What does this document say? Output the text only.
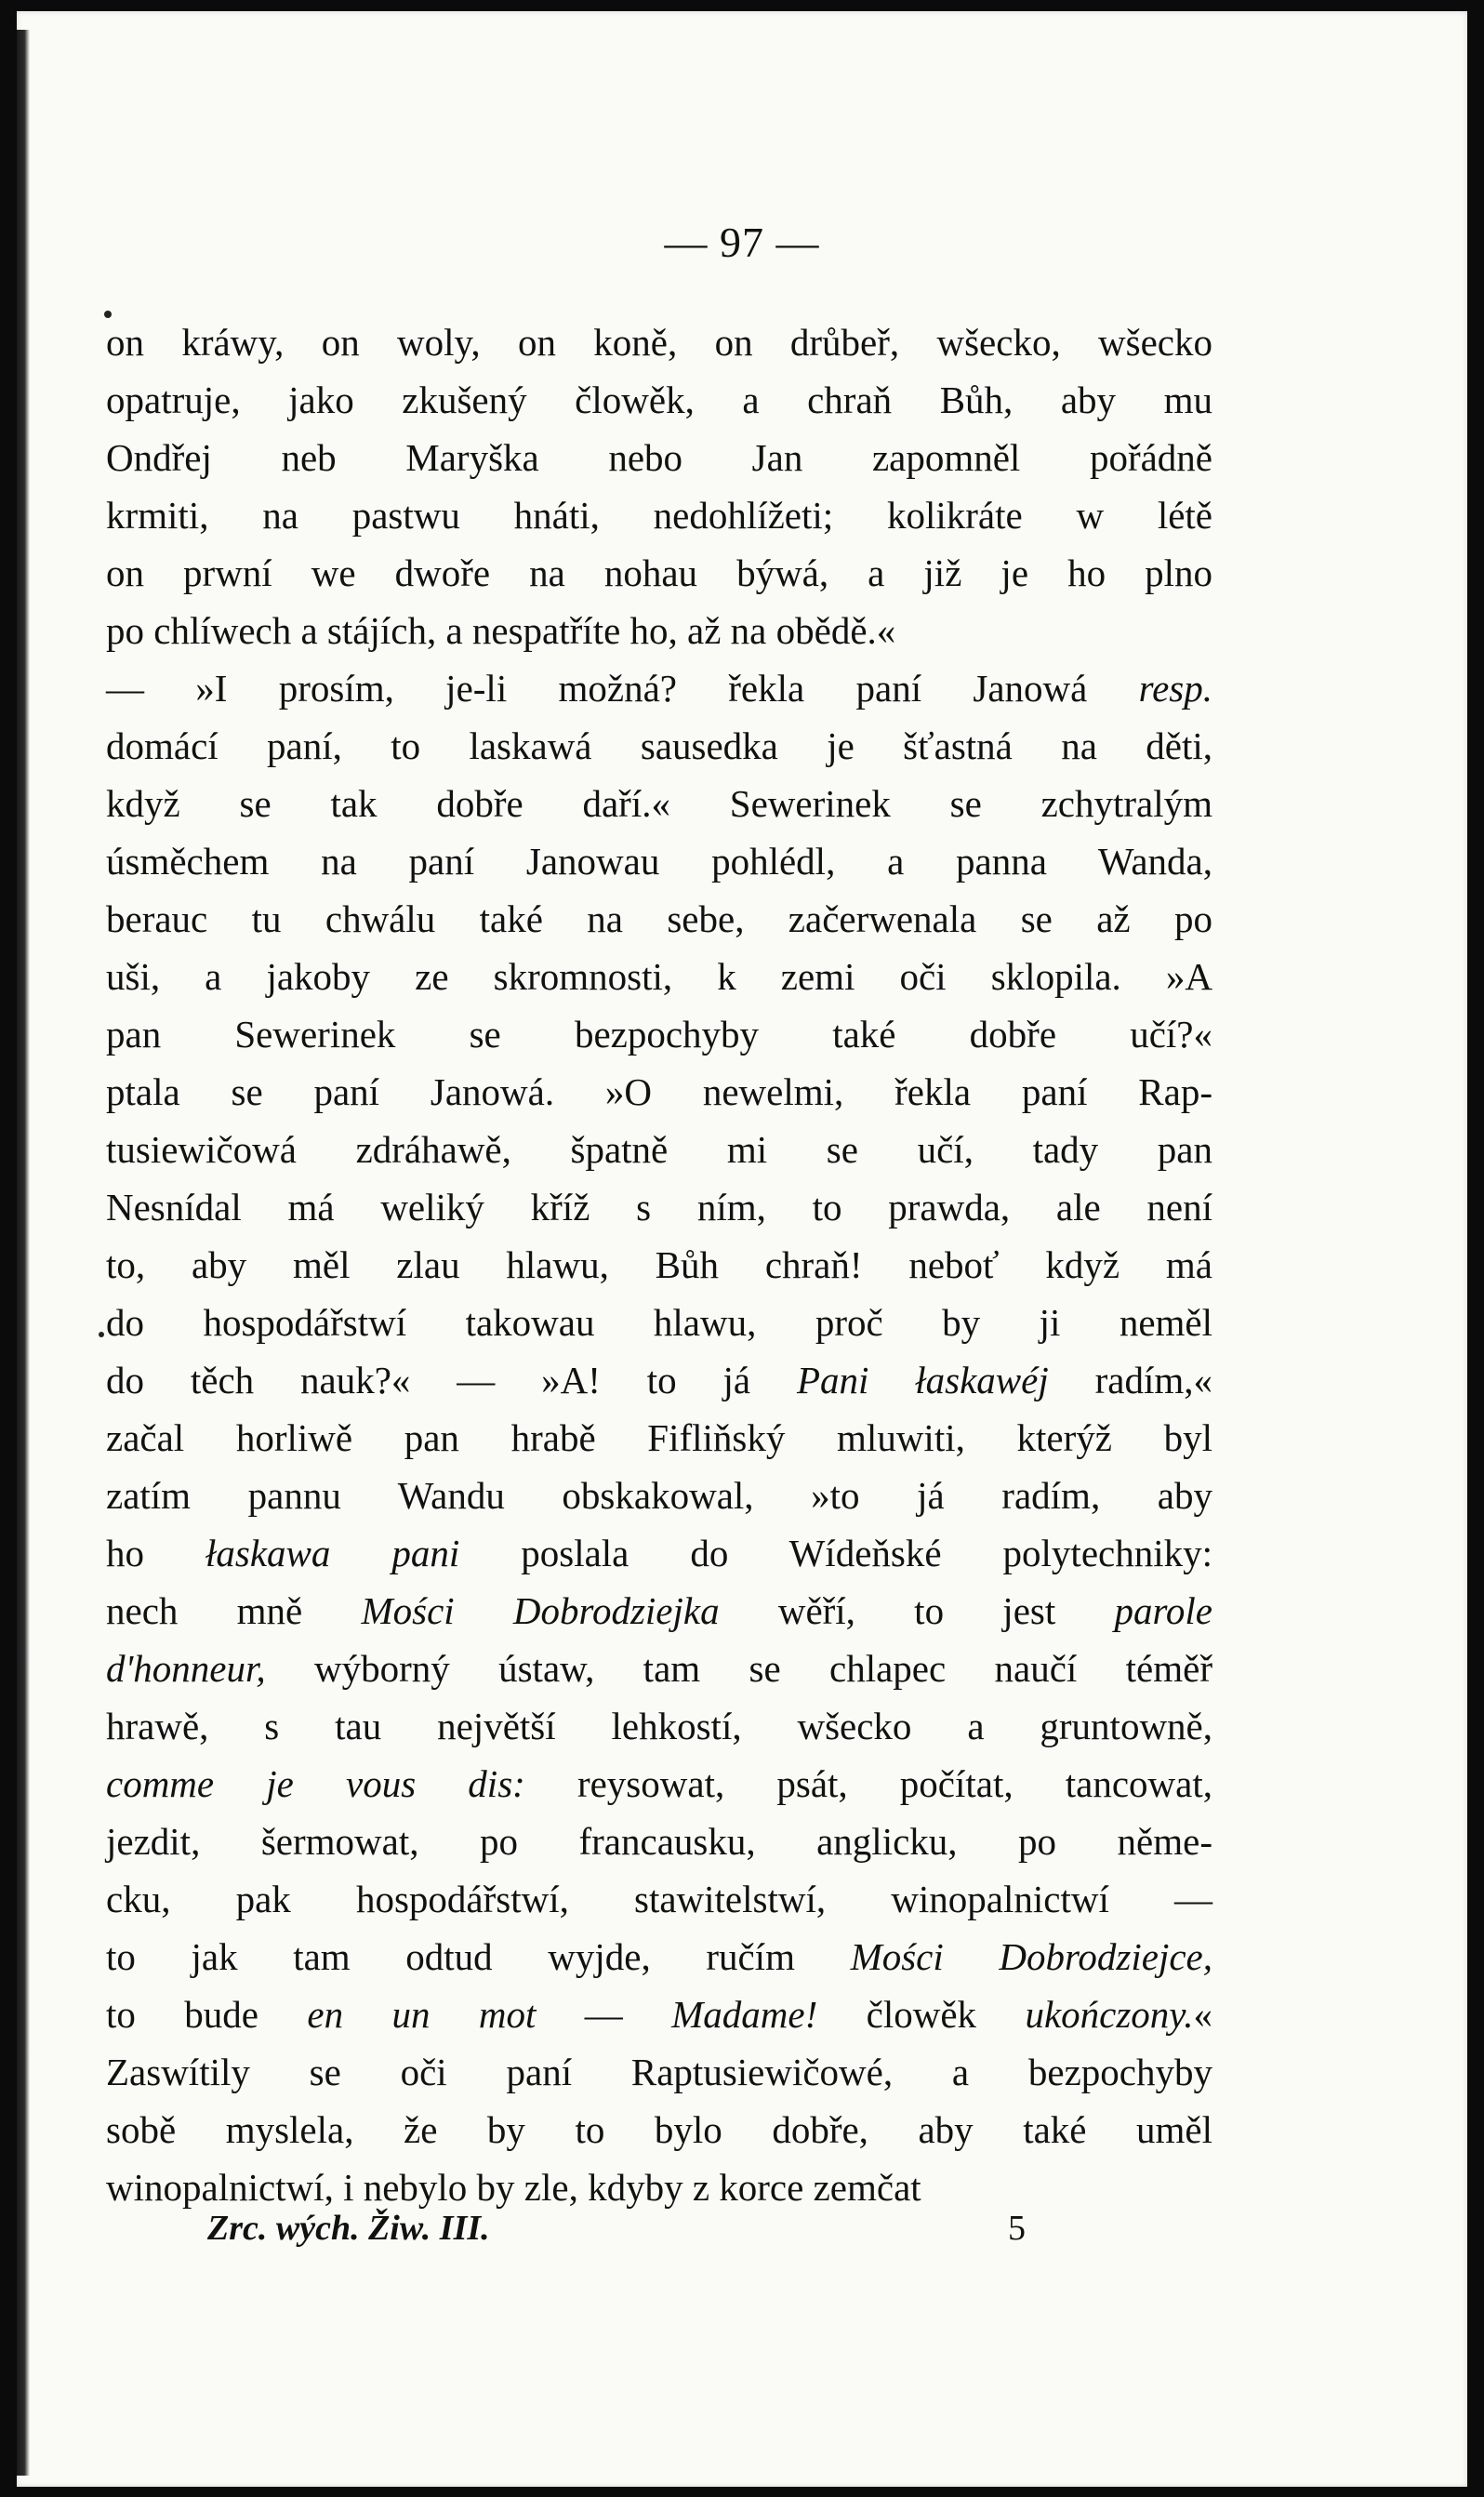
— 97 —
on kráwy, on woly, on koně, on drůbeř, wšecko, wšecko
opatruje, jako zkušený člowěk, a chraň Bůh, aby mu
Ondřej neb Maryška nebo Jan zapomněl pořádně
krmiti, na pastwu hnáti, nedohlížeti; kolikráte w létě
on prwní we dwoře na nohau býwá, a již je ho plno
po chlíwech a stájích, a nespatříte ho, až na obědě.«
— »I prosím, je-li možná? řekla paní Janowá resp.
domácí paní, to laskawá sausedka je šťastná na děti,
když se tak dobře daří.« Sewerinek se zchytralým
úsměchem na paní Janowau pohlédl, a panna Wanda,
berauc tu chwálu také na sebe, začerwenala se až po
uši, a jakoby ze skromnosti, k zemi oči sklopila. »A
pan Sewerinek se bezpochyby také dobře učí?«
ptala se paní Janowá. »O newelmi, řekla paní Rap-
tusiewičowá zdráhawě, špatně mi se učí, tady pan
Nesnídal má weliký kříž s ním, to prawda, ale není
to, aby měl zlau hlawu, Bůh chraň! neboť když má
do hospodářstwí takowau hlawu, proč by ji neměl
do těch nauk?« — »A! to já Pani łaskawéj radím,«
začal horliwě pan hrabě Fifliňský mluwiti, kterýž byl
zatím pannu Wandu obskakowal, »to já radím, aby
ho łaskawa pani poslala do Wídeňské polytechniky:
nech mně Mości Dobrodziejka wěří, to jest parole
d'honneur, wýborný ústaw, tam se chlapec naučí téměř
hrawě, s tau největší lehkostí, wšecko a gruntowně,
comme je vous dis: reysowat, psát, počítat, tancowat,
jezdit, šermowat, po francausku, anglicku, po něme-
cku, pak hospodářstwí, stawitelstwí, winopalnictwí —
to jak tam odtud wyjde, ručím Mości Dobrodziejce,
to bude en un mot — Madame! člowěk ukończony.«
Zaswítily se oči paní Raptusiewičowé, a bezpochyby
sobě myslela, že by to bylo dobře, aby také uměl
winopalnictwí, i nebylo by zle, kdyby z korce zemčat
Zrc. wých. Žiw. III.	5
